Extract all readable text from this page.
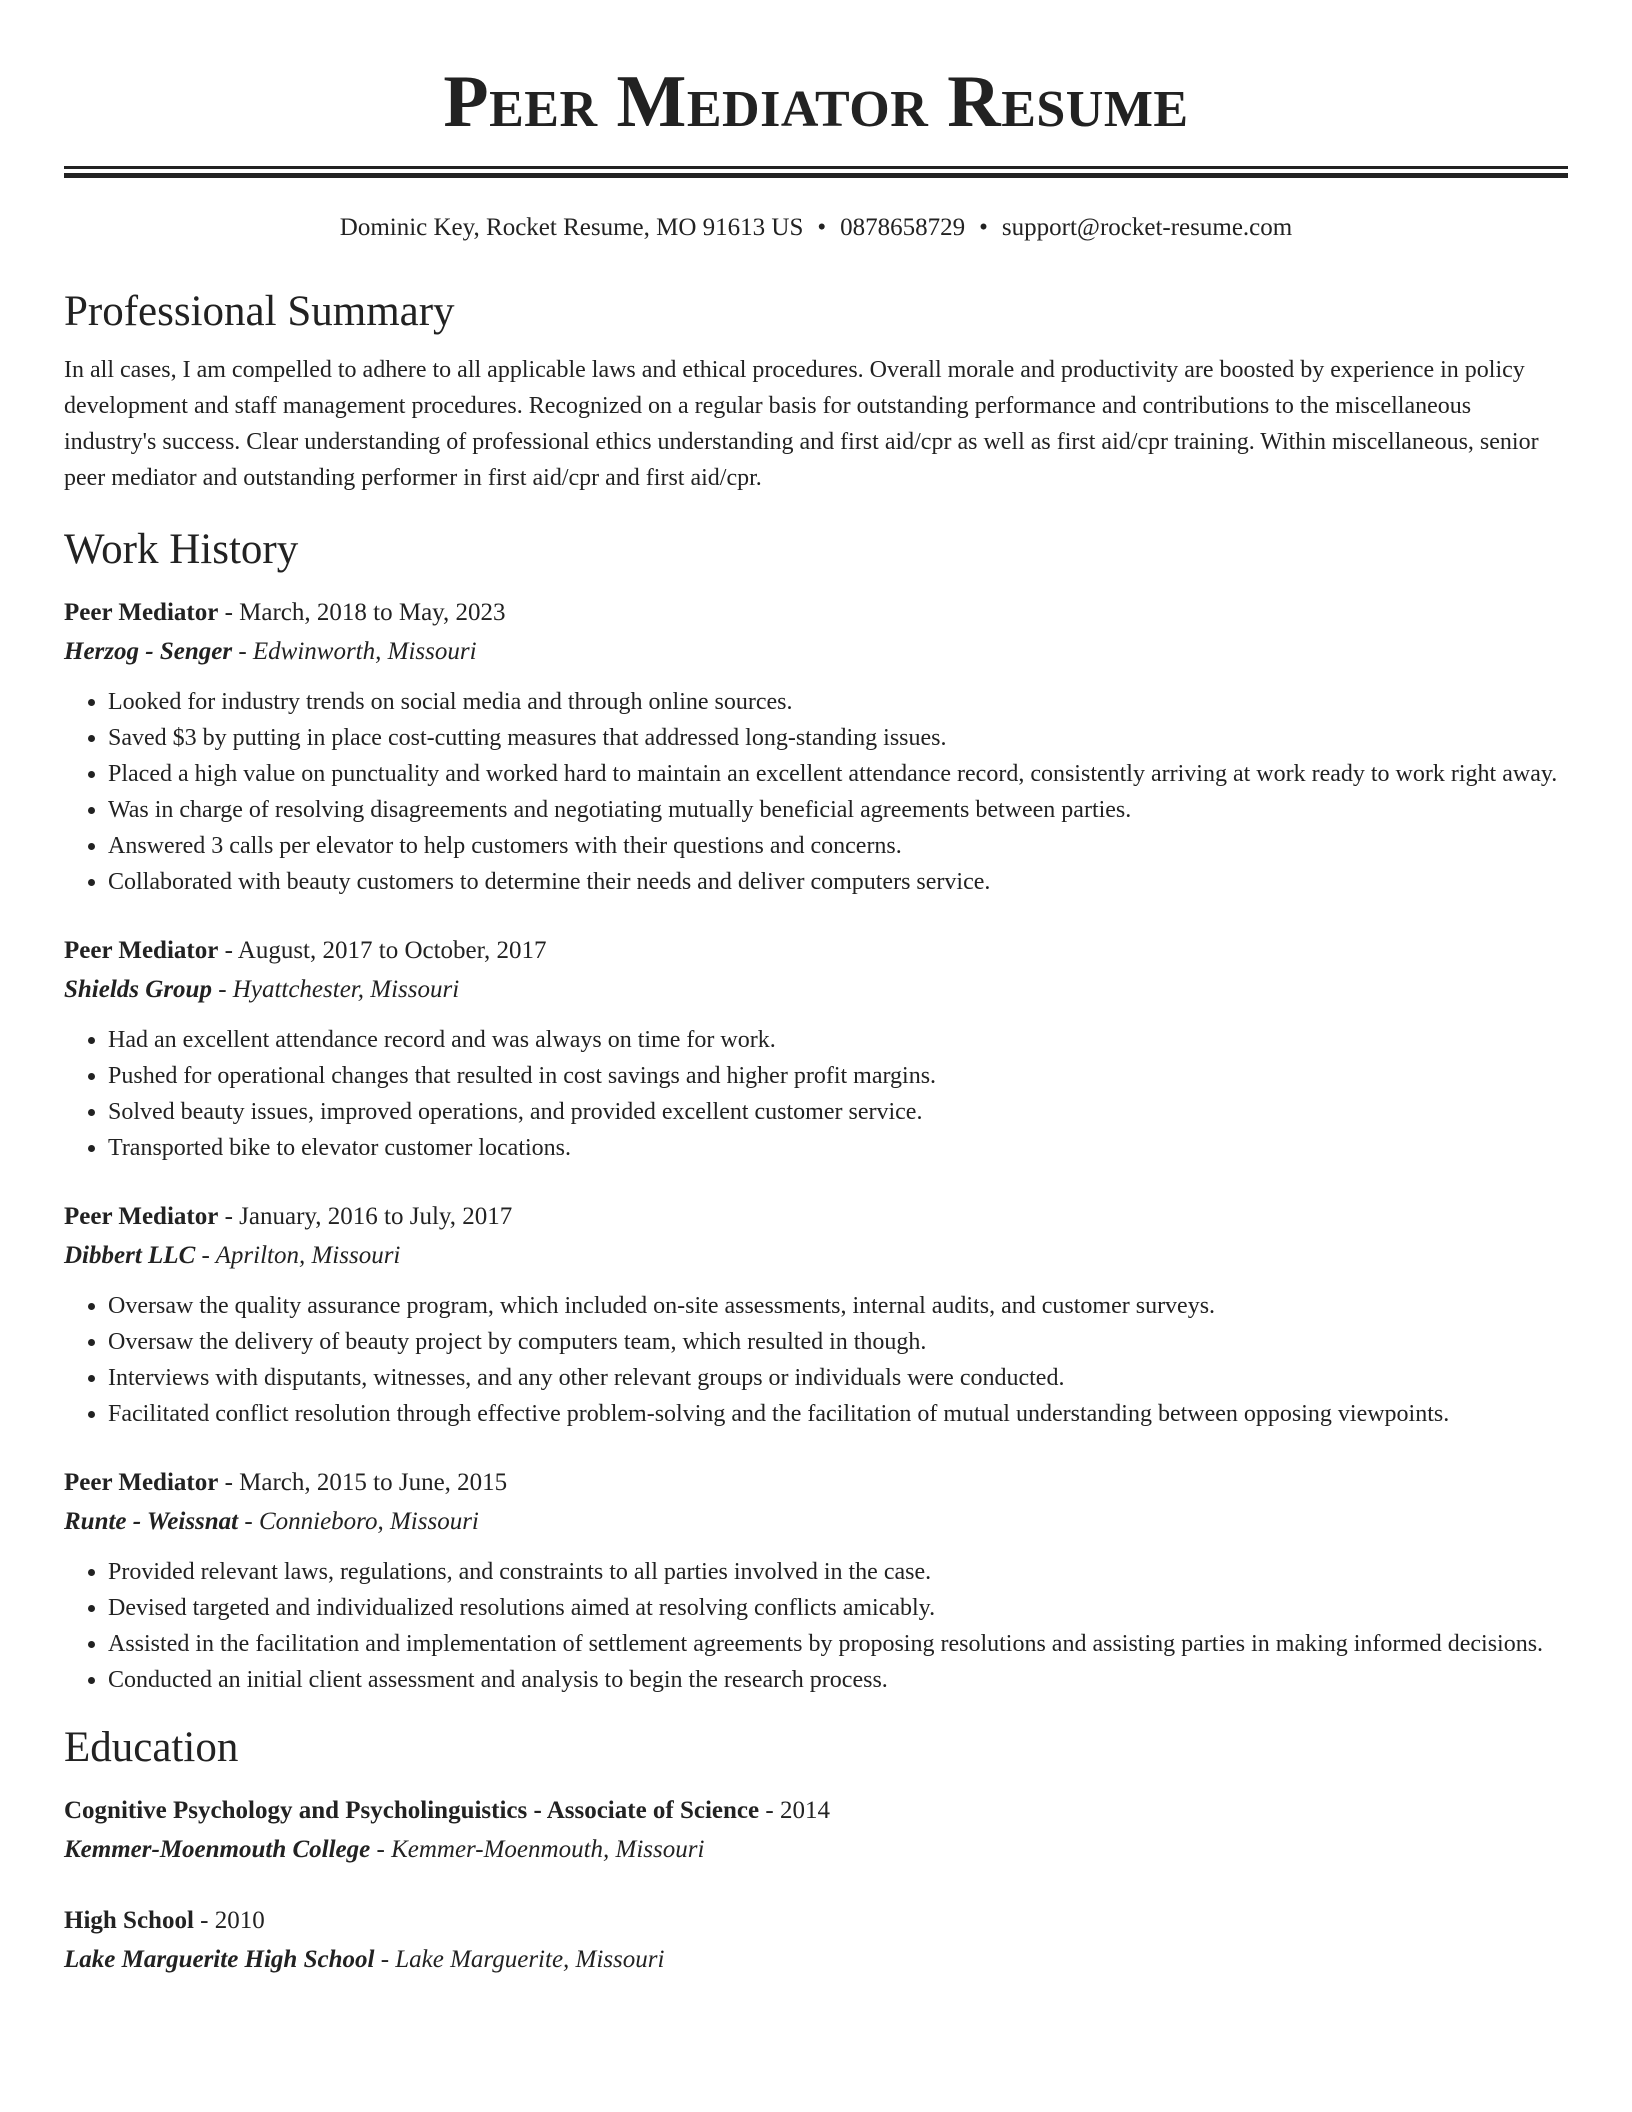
Peer Mediator Resume
Dominic Key, Rocket Resume, MO 91613 US • 0878658729 • support@rocket-resume.com
Professional Summary

In all cases, I am compelled to adhere to all applicable laws and ethical procedures. Overall morale and productivity are boosted by experience in policy development and staff management procedures. Recognized on a regular basis for outstanding performance and contributions to the miscellaneous industry's success. Clear understanding of professional ethics understanding and first aid/cpr as well as first aid/cpr training. Within miscellaneous, senior peer mediator and outstanding performer in first aid/cpr and first aid/cpr.

Work History
Peer Mediator - March, 2018 to May, 2023
Herzog - Senger - Edwinworth, Missouri
• Looked for industry trends on social media and through online sources.
• Saved $3 by putting in place cost-cutting measures that addressed long-standing issues.
• Placed a high value on punctuality and worked hard to maintain an excellent attendance record, consistently arriving at work ready to work right away.
• Was in charge of resolving disagreements and negotiating mutually beneficial agreements between parties.
• Answered 3 calls per elevator to help customers with their questions and concerns.
• Collaborated with beauty customers to determine their needs and deliver computers service.
Peer Mediator - August, 2017 to October, 2017
Shields Group - Hyattchester, Missouri
• Had an excellent attendance record and was always on time for work.
• Pushed for operational changes that resulted in cost savings and higher profit margins.
• Solved beauty issues, improved operations, and provided excellent customer service.
• Transported bike to elevator customer locations.
Peer Mediator - January, 2016 to July, 2017
Dibbert LLC - Aprilton, Missouri
• Oversaw the quality assurance program, which included on-site assessments, internal audits, and customer surveys.
• Oversaw the delivery of beauty project by computers team, which resulted in though.
• Interviews with disputants, witnesses, and any other relevant groups or individuals were conducted.
• Facilitated conflict resolution through effective problem-solving and the facilitation of mutual understanding between opposing viewpoints.
Peer Mediator - March, 2015 to June, 2015
Runte - Weissnat - Connieboro, Missouri
• Provided relevant laws, regulations, and constraints to all parties involved in the case.
• Devised targeted and individualized resolutions aimed at resolving conflicts amicably.
• Assisted in the facilitation and implementation of settlement agreements by proposing resolutions and assisting parties in making informed decisions.
• Conducted an initial client assessment and analysis to begin the research process.
Education
Cognitive Psychology and Psycholinguistics - Associate of Science - 2014
Kemmer-Moenmouth College - Kemmer-Moenmouth, Missouri
High School - 2010
Lake Marguerite High School - Lake Marguerite, Missouri
